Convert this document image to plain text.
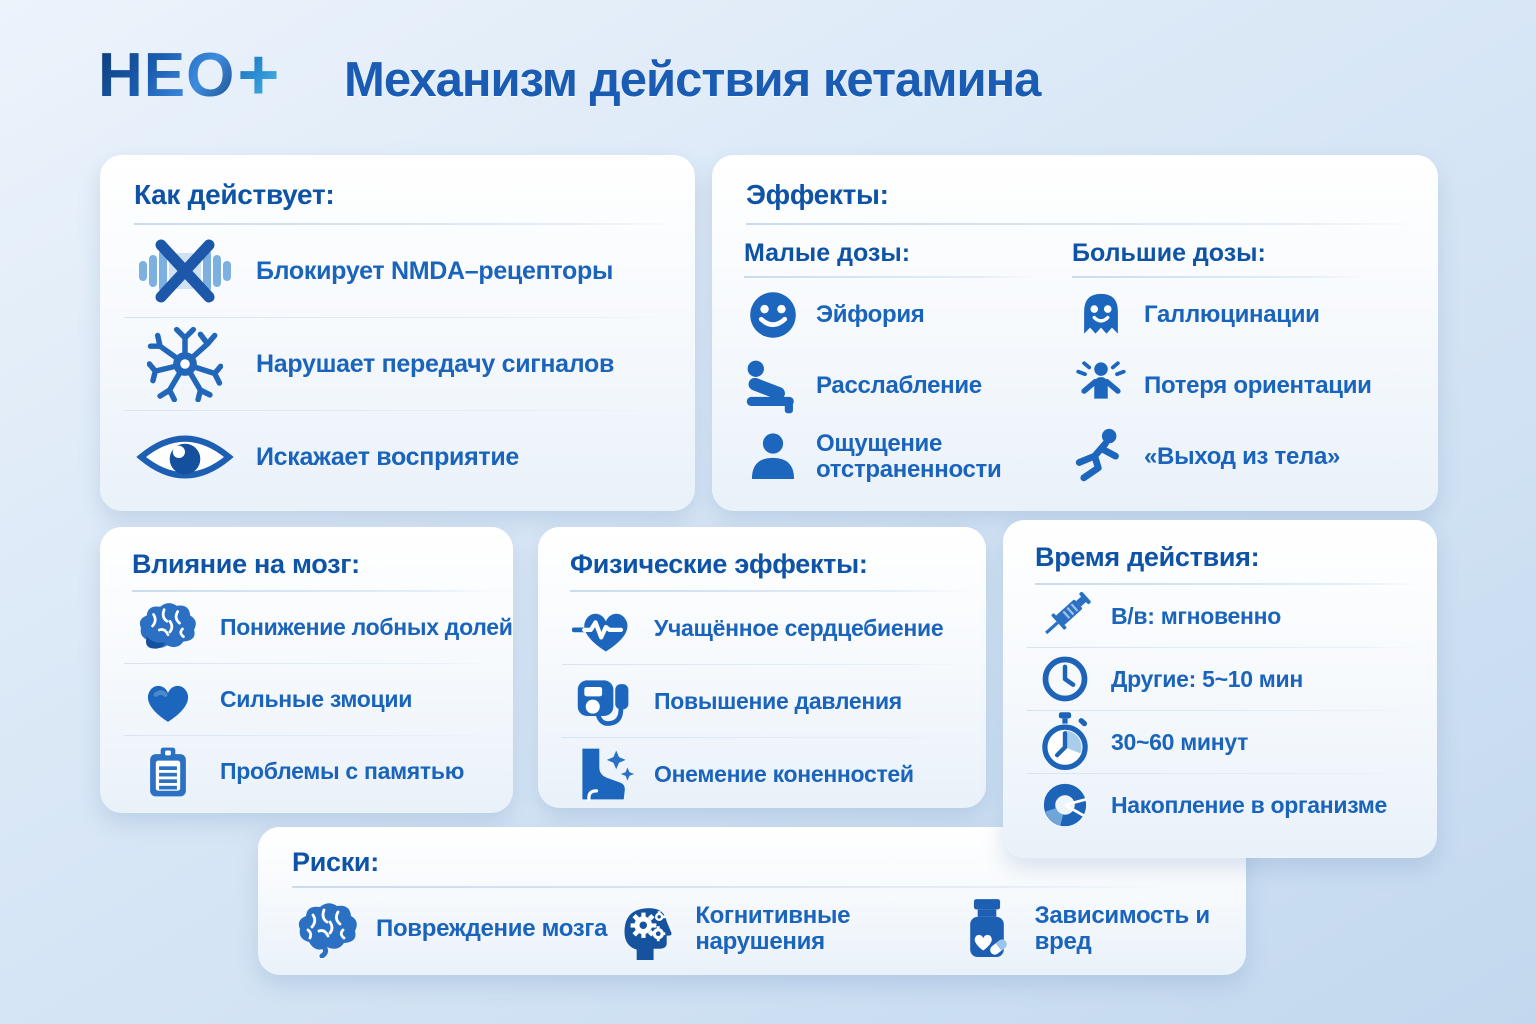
НЕО + Механизм действия кетамина
Как действует:
Блокирует NMDA–рецепторы
Нарушает передачу сигналов
Искажает восприятие
Эффекты:
Малые дозы:
Эйфория
Расслабление
Ощущение отстраненности
Большие дозы:
Галлюцинации
Потеря ориентации
«Выход из тела»
Влияние на мозг:
Понижение лобных долей
Сильные змоции
Проблемы с памятью
Физические эффекты:
Учащённое сердцебиение
Повышение давления
Онемение коненностей
Время действия:
В/в: мгновенно
Другие: 5~10 мин
30~60 минут
Накопление в организме
Риски:
Повреждение мозга	Когнитивные нарушения
Зависимость и вред
